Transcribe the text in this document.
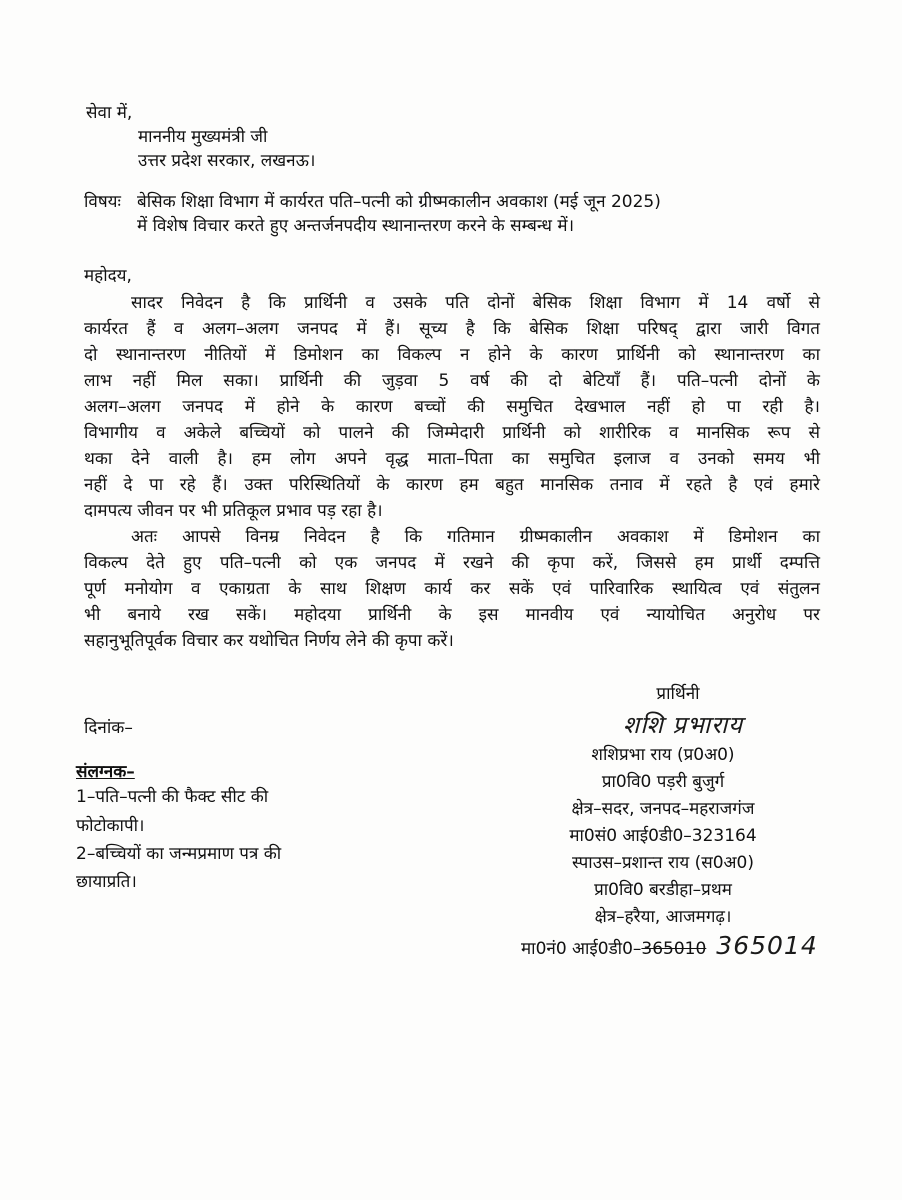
सेवा में,
माननीय मुख्यमंत्री जी
उत्तर प्रदेश सरकार, लखनऊ।
विषयः बेसिक शिक्षा विभाग में कार्यरत पति–पत्नी को ग्रीष्मकालीन अवकाश (मई जून 2025)
में विशेष विचार करते हुए अन्तर्जनपदीय स्थानान्तरण करने के सम्बन्ध में।
महोदय,
सादर निवेदन है कि प्रार्थिनी व उसके पति दोनों बेसिक शिक्षा विभाग में 14 वर्षो से
कार्यरत हैं व अलग–अलग जनपद में हैं। सूच्य है कि बेसिक शिक्षा परिषद् द्वारा जारी विगत
दो स्थानान्तरण नीतियों में डिमोशन का विकल्प न होने के कारण प्रार्थिनी को स्थानान्तरण का
लाभ नहीं मिल सका। प्रार्थिनी की जुड़वा 5 वर्ष की दो बेटियॉं हैं। पति–पत्नी दोनों के
अलग–अलग जनपद में होने के कारण बच्चों की समुचित देखभाल नहीं हो पा रही है।
विभागीय व अकेले बच्चियों को पालने की जिम्मेदारी प्रार्थिनी को शारीरिक व मानसिक रूप से
थका देने वाली है। हम लोग अपने वृद्ध माता–पिता का समुचित इलाज व उनको समय भी
नहीं दे पा रहे हैं। उक्त परिस्थितियों के कारण हम बहुत मानसिक तनाव में रहते है एवं हमारे
दामपत्य जीवन पर भी प्रतिकूल प्रभाव पड़ रहा है।
अतः आपसे विनम्र निवेदन है कि गतिमान ग्रीष्मकालीन अवकाश में डिमोशन का
विकल्प देते हुए पति–पत्नी को एक जनपद में रखने की कृपा करें, जिससे हम प्रार्थी दम्पत्ति
पूर्ण मनोयोग व एकाग्रता के साथ शिक्षण कार्य कर सकें एवं पारिवारिक स्थायित्व एवं संतुलन
भी बनाये रख सकें। महोदया प्रार्थिनी के इस मानवीय एवं न्यायोचित अनुरोध पर
सहानुभूतिपूर्वक विचार कर यथोचित निर्णय लेने की कृपा करें।
दिनांक–
संलग्नक–
1–पति–पत्नी की फैक्ट सीट की
फोटोकापी।
2–बच्चियों का जन्मप्रमाण पत्र की
छायाप्रति।
प्रार्थिनी
शशि प्रभाराय
शशिप्रभा राय (प्र0अ0)
प्रा0वि0 पड़री बुजुर्ग
क्षेत्र–सदर, जनपद–महराजगंज
मा0सं0 आई0डी0–323164
स्पाउस–प्रशान्त राय (स0अ0)
प्रा0वि0 बरडीहा–प्रथम
क्षेत्र–हरैया, आजमगढ़।
मा0नं0 आई0डी0–365010 365014
